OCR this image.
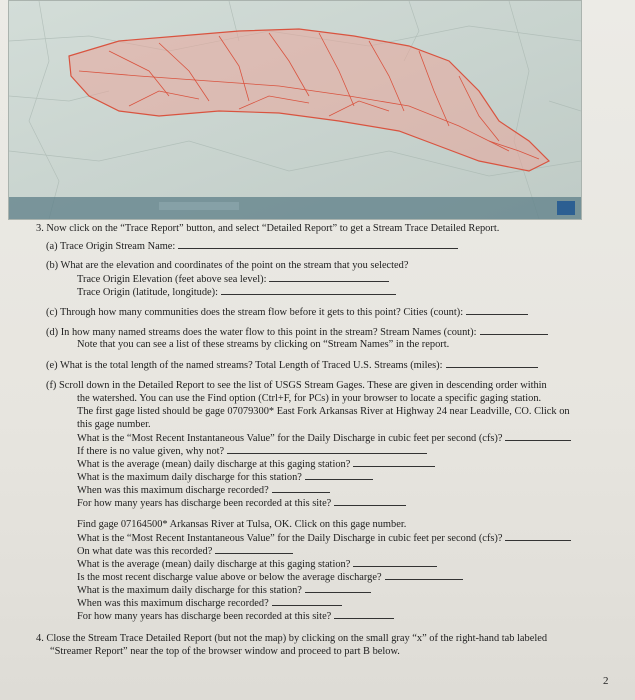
3. Now click on the “Trace Report” button, and select “Detailed Report” to get a Stream Trace Detailed Report.
(a) Trace Origin Stream Name:
(b) What are the elevation and coordinates of the point on the stream that you selected?
Trace Origin Elevation (feet above sea level):
Trace Origin (latitude, longitude):
(c) Through how many communities does the stream flow before it gets to this point? Cities (count):
(d) In how many named streams does the water flow to this point in the stream? Stream Names (count):
Note that you can see a list of these streams by clicking on “Stream Names” in the report.
(e) What is the total length of the named streams? Total Length of Traced U.S. Streams (miles):
(f) Scroll down in the Detailed Report to see the list of USGS Stream Gages. These are given in descending order within
the watershed. You can use the Find option (Ctrl+F, for PCs) in your browser to locate a specific gaging station.
The first gage listed should be gage 07079300* East Fork Arkansas River at Highway 24 near Leadville, CO. Click on
this gage number.
What is the “Most Recent Instantaneous Value” for the Daily Discharge in cubic feet per second (cfs)?
If there is no value given, why not?
What is the average (mean) daily discharge at this gaging station?
What is the maximum daily discharge for this station?
When was this maximum discharge recorded?
For how many years has discharge been recorded at this site?
Find gage 07164500* Arkansas River at Tulsa, OK. Click on this gage number.
What is the “Most Recent Instantaneous Value” for the Daily Discharge in cubic feet per second (cfs)?
On what date was this recorded?
What is the average (mean) daily discharge at this gaging station?
Is the most recent discharge value above or below the average discharge?
What is the maximum daily discharge for this station?
When was this maximum discharge recorded?
For how many years has discharge been recorded at this site?
4. Close the Stream Trace Detailed Report (but not the map) by clicking on the small gray “x” of the right-hand tab labeled
“Streamer Report” near the top of the browser window and proceed to part B below.
2
